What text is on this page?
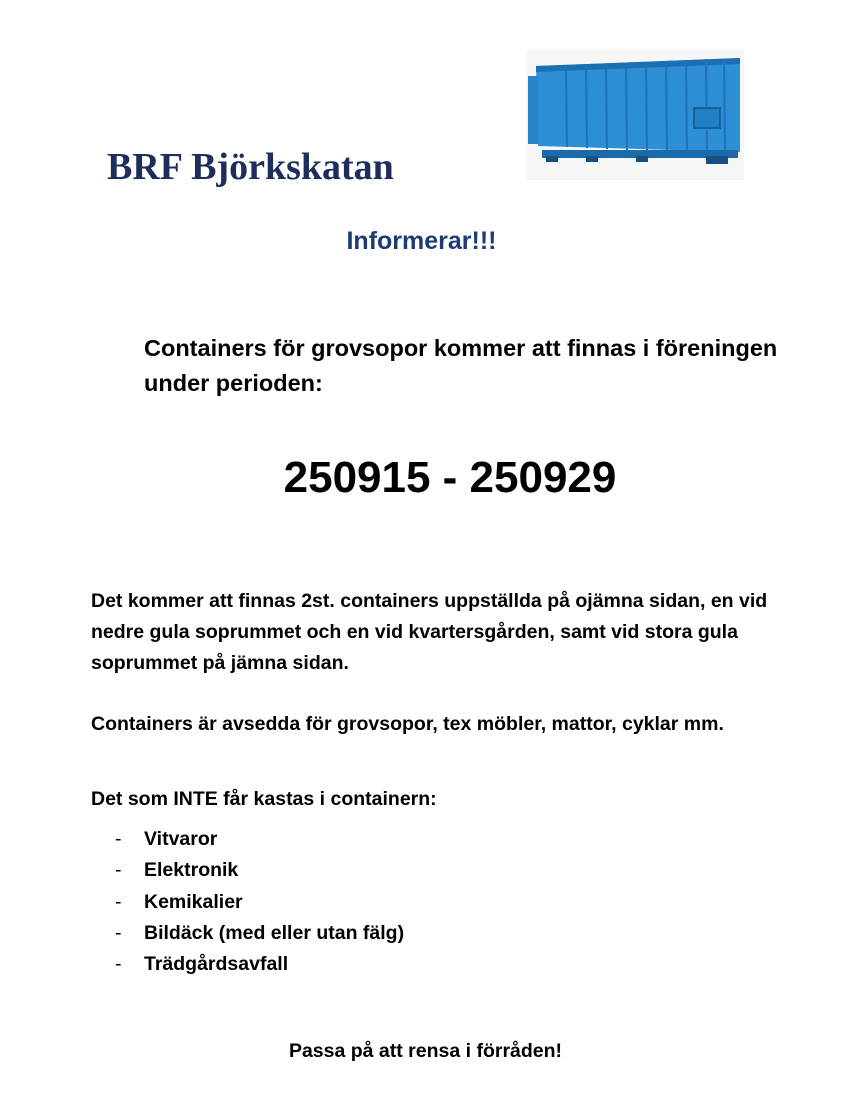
BRF Björkskatan
Informerar!!!
Containers för grovsopor kommer att finnas i föreningen under perioden:
250915 - 250929
Det kommer att finnas 2st. containers uppställda på ojämna sidan, en vid nedre gula soprummet och en vid kvartersgården, samt vid stora gula soprummet på jämna sidan.
Containers är avsedda för grovsopor, tex möbler, mattor, cyklar mm.
Det som INTE får kastas i containern:
- Vitvaror
- Elektronik
- Kemikalier
- Bildäck (med eller utan fälg)
- Trädgårdsavfall
Passa på att rensa i förråden!
